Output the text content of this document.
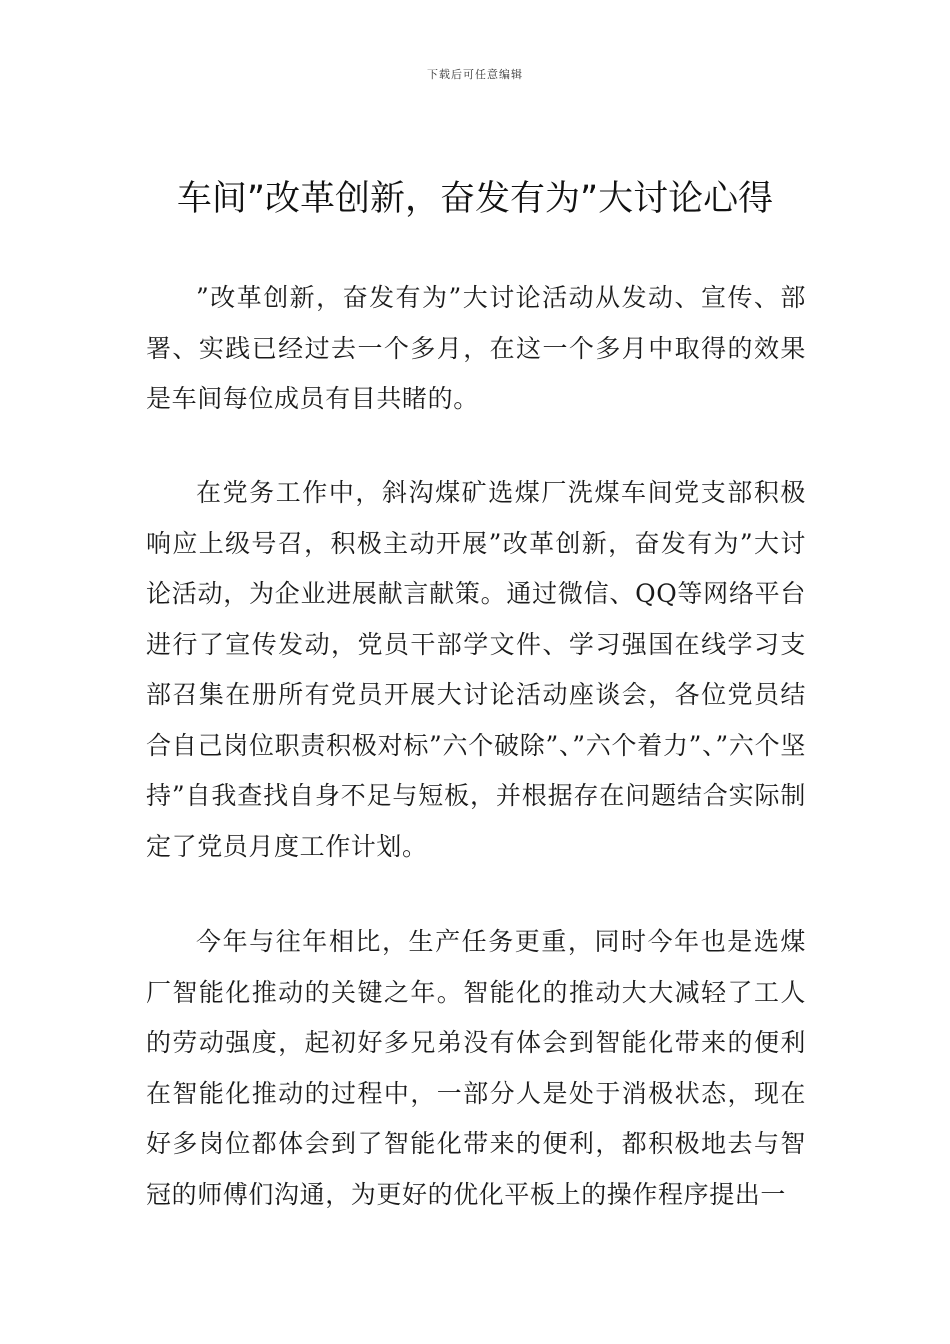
下载后可任意编辑
车间”改革创新，奋发有为”大讨论心得

”改革创新，奋发有为”大讨论活动从发动、宣传、部署、实践已经过去一个多月，在这一个多月中取得的效果是车间每位成员有目共睹的。

在党务工作中，斜沟煤矿选煤厂洗煤车间党支部积极响应上级号召，积极主动开展”改革创新，奋发有为”大讨论活动，为企业进展献言献策。通过微信、QQ等网络平台进行了宣传发动，党员干部学文件、学习强国在线学习支部召集在册所有党员开展大讨论活动座谈会，各位党员结合自己岗位职责积极对标”六个破除”、”六个着力”、”六个坚持”自我查找自身不足与短板，并根据存在问题结合实际制定了党员月度工作计划。

今年与往年相比，生产任务更重，同时今年也是选煤厂智能化推动的关键之年。智能化的推动大大减轻了工人的劳动强度，起初好多兄弟没有体会到智能化带来的便利在智能化推动的过程中，一部分人是处于消极状态，现在好多岗位都体会到了智能化带来的便利，都积极地去与智冠的师傅们沟通，为更好的优化平板上的操作程序提出一
